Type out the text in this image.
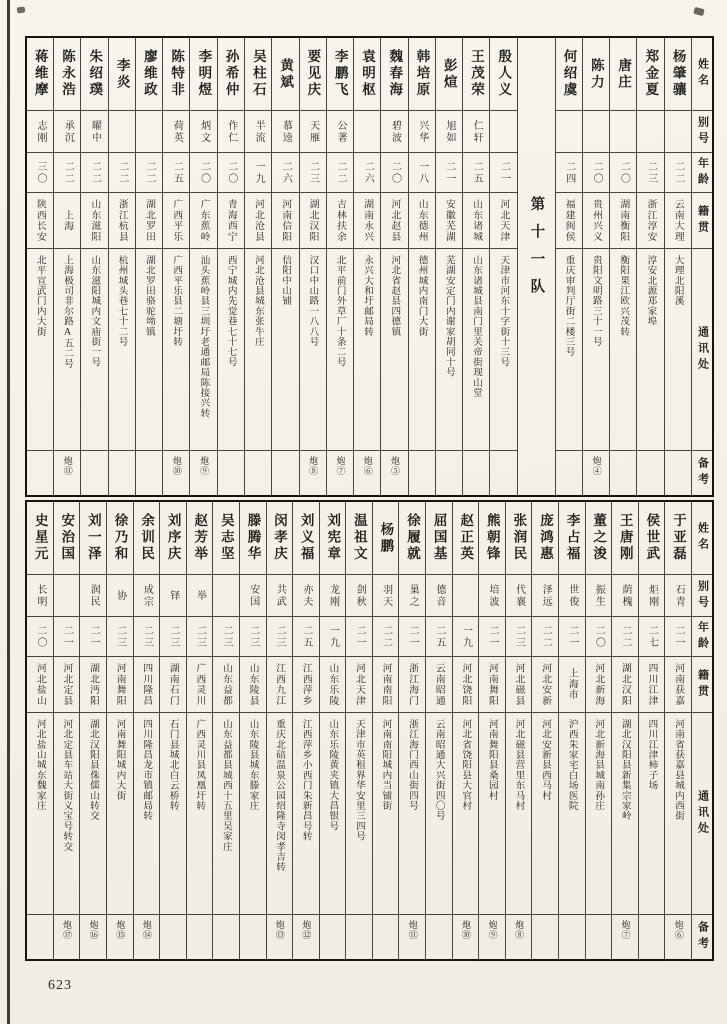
姓名
别号
年龄
籍贯
通讯处
备考
杨肇骧
二二
云南大理
大理北阳溪
郑金夏
二三
浙江淳安
淳安北源郑家埠
唐庄
二〇
湖南衡阳
衡阳果江欧兴茂转
陈力
二〇
贵州兴义
贵阳文明路三十一号
炮④
何绍虞
二四
福建闽侯
重庆审判厅街二楼三号
第十一队
殷人义
二一
河北天津
天津市河东十字街十三号
王茂荣
仁轩
二五
山东诸城
山东诸城县南门里关帝街现山堂
彭煊
旭如
二一
安徽芜湖
芜湖安定门内谢家胡同十号
韩培原
兴华
一八
山东德州
德州城内南门大街
魏春海
碧波
二〇
河北赵县
河北省赵县四德镇
炮⑤
袁明枢
二六
湖南永兴
永兴大和圩邮局转
炮⑥
李鹏飞
公著
二二
吉林扶余
北平前门外草厂十条二号
炮⑦
要见庆
天雁
二三
湖北汉阳
汉口中山路一八八号
炮⑧
黄斌
慕逵
二六
河南信阳
信阳中山铺
吴柱石
半流
一九
河北沧县
河北沧县城东张牛庄
孙希仲
作仁
二〇
青海西宁
西宁城内先觉巷七十七号
李明煜
炳文
二〇
广东蕉岭
汕头蕉岭县三圳圩老通邮局陈接兴转
炮⑨
陈特非
荷英
二五
广西平乐
广西平乐县二塘圩转
炮⑩
廖维政
二二
湖北罗田
湖北罗田骆驼坳镇
李炎
二二
浙江杭县
杭州城头巷七十二号
朱绍璞
曜中
二二
山东滋阳
山东滋阳城内文庙街一号
陈永浩
承沉
二二
上海
上海极司非尔路A五二号
炮⑪
蒋维摩
志刚
三〇
陕西长安
北平宣武门内大街
姓名
别号
年龄
籍贯
通讯处
备考
于亚磊
石青
二一
河南获嘉
河南省获嘉县城内西街
炮⑥
侯世武
炬刚
二七
四川江津
四川江津柿子场
王唐刚
荫槐
二二
湖北汉阳
湖北汉阳县新集宗家岭
炮⑦
董之浚
振生
二〇
河北新海
河北新海县城南孙庄
李占福
世俊
二一
上海市
沪西朱家宅白场医院
庞鸿惠
泽远
二二
河北安新
河北安新县西马村
张润民
代襄
二三
河北磁县
河北磁县营里东马村
炮⑧
熊朝锋
培波
二一
河南舞阳
河南舞阳县桑园村
炮⑨
赵正英
一九
河北饶阳
河北省饶阳县大官村
炮⑩
屈国基
德音
二五
云南昭通
云南昭通大兴街四〇号
徐履就
巢之
二一
浙江海门
浙江海门西山街四号
炮⑪
杨鹏
羽天
二二
河南南阳
河南南阳城内当铺街
温祖文
剑秋
二一
河北天津
天津市英租界华安里三四号
刘宪章
龙刚
一九
山东乐陵
山东乐陵黄夹镇大昌银号
刘义福
亦夫
二五
江西萍乡
江西萍乡小西门朱新昌号转
炮⑫
闵孝庆
共武
二三
江西九江
重庆北碚温泉公园绍隆寺闵孝吉转
炮⑬
滕腾华
安国
二三
山东陵县
山东陵县城东滕家庄
吴志坚
二三
山东益都
山东益都县城西十五里吴家庄
赵芳举
举
二三
广西灵川
广西灵川县凤凰圩转
刘序庆
铎
二三
湖南石门
石门县城北白云桥转
余训民
成宗
二三
四川隆昌
四川隆昌龙市镇邮局转
炮⑭
徐乃和
协
二三
河南舞阳
河南舞阳城内大街
炮⑮
刘一泽
润民
二一
湖北沔阳
湖北汉阳县侏儒山转交
炮⑯
安治国
二一
河北定县
河北定县车站大街义宝号转交
炮⑰
史星元
长明
二〇
河北盐山
河北盐山城东魏家庄
623
